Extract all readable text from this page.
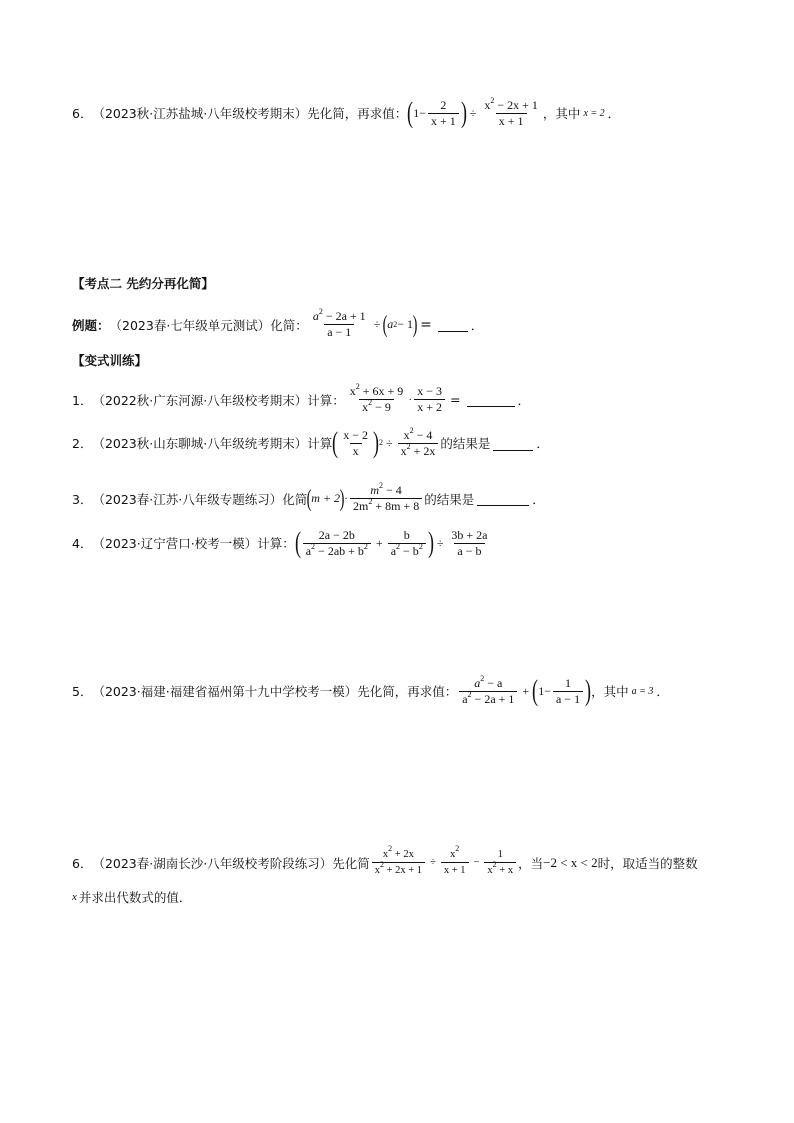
6． （2023秋·江苏盐城·八年级校考期末）先化简，再求值： ( $1- \frac{2}{x + 1}$ ) ÷ $\frac{x^2 - 2x + 1}{x + 1}$ ，其中 x = 2 ．
【考点二 先约分再化简】
例题： （2023春·七年级单元测试）化简： $\frac{a^2 - 2a + 1}{a - 1}$ ÷ ( a 2 − 1 ) =	．
【变式训练】
1． （2022秋·广东河源·八年级校考期末）计算： $\frac{x^2 + 6x + 9}{x^2 - 9} \cdot \frac{x - 3}{x + 2}$ =	．
2． （2023秋·山东聊城·八年级统考期末）计算 ( $\frac{x - 2}{x}$ ) $2 \div \frac{x^2 - 4}{x^2 + 2x}$ 的结果是	．
3． （2023春·江苏·八年级专题练习）化简 ( m + 2 ) · $\frac{m^2 - 4}{2m^2 + 8m + 8}$ 的结果是	．
4． （2023·辽宁营口·校考一模）计算： ( $\frac{2a - 2b}{a^2 - 2ab + b^2} + \frac{b}{a^2 - b^2}$ ) ÷ $\frac{3b + 2a}{a - b}$
5． （2023·福建·福建省福州第十九中学校考一模）先化简，再求值： $\frac{a^2 - a}{a^2 - 2a + 1}$ + ( $1- \frac{1}{a - 1}$ ) ，其中 a = 3 ．
6． （2023春·湖南长沙·八年级校考阶段练习）先化简 $\frac{x^2 + 2x}{x^2 + 2x + 1} \div \frac{x^2}{x + 1} - \frac{1}{x^2 + x}$ ，当 −2 < x < 2 时，取适当的整数
x 并求出代数式的值．
